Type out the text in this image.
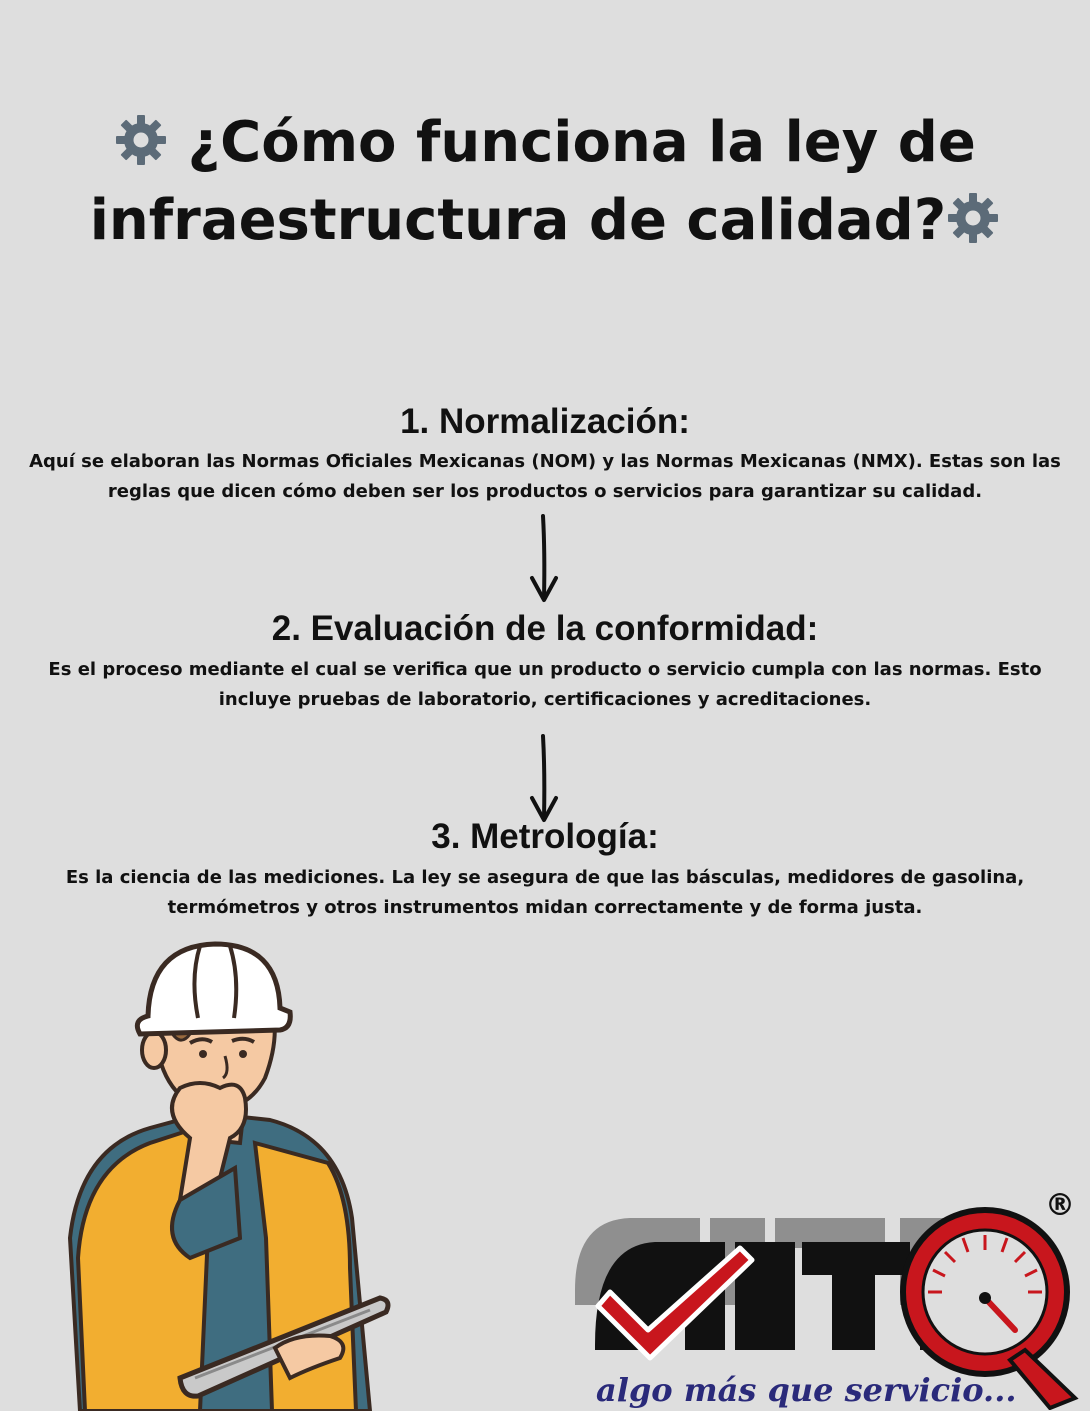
¿Cómo funciona la ley de
infraestructura de calidad?
1. Normalización:

Aquí se elaboran las Normas Oficiales Mexicanas (NOM) y las Normas Mexicanas (NMX). Estas son las
reglas que dicen cómo deben ser los productos o servicios para garantizar su calidad.

2. Evaluación de la conformidad:

Es el proceso mediante el cual se verifica que un producto o servicio cumpla con las normas. Esto
incluye pruebas de laboratorio, certificaciones y acreditaciones.

3. Metrología:

Es la ciencia de las mediciones. La ley se asegura de que las básculas, medidores de gasolina,
termómetros y otros instrumentos midan correctamente y de forma justa.

®
algo más que servicio...
